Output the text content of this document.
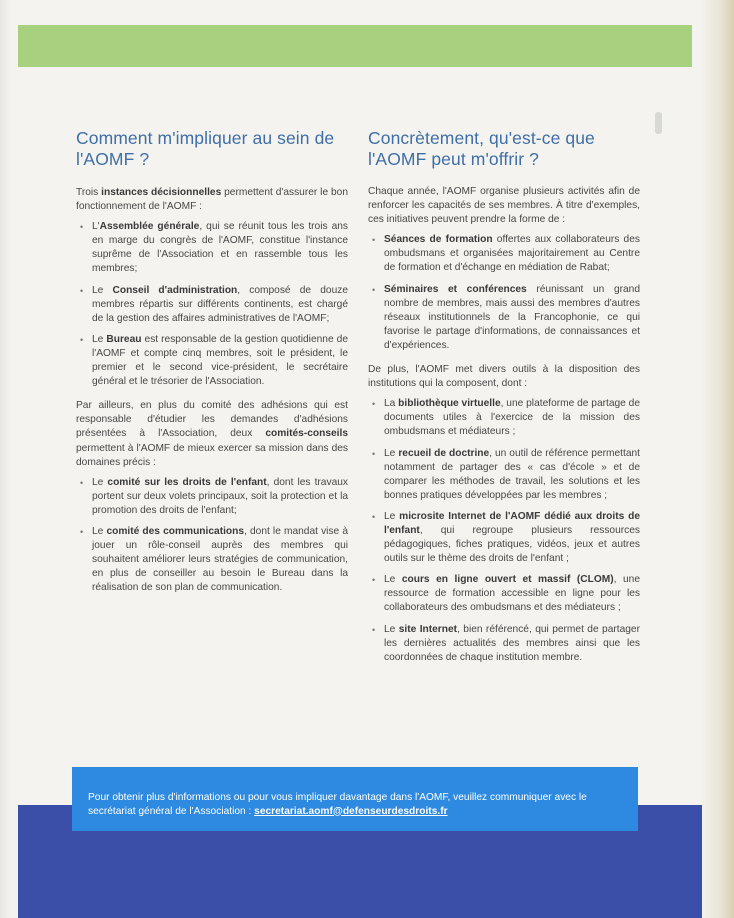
Comment m'impliquer au sein de l'AOMF ?

Trois instances décisionnelles permettent d'assurer le bon fonctionnement de l'AOMF :

• L'Assemblée générale, qui se réunit tous les trois ans en marge du congrès de l'AOMF, constitue l'instance suprême de l'Association et en rassemble tous les membres;
• Le Conseil d'administration, composé de douze membres répartis sur différents continents, est chargé de la gestion des affaires administratives de l'AOMF;
• Le Bureau est responsable de la gestion quotidienne de l'AOMF et compte cinq membres, soit le président, le premier et le second vice-président, le secrétaire général et le trésorier de l'Association.

Par ailleurs, en plus du comité des adhésions qui est responsable d'étudier les demandes d'adhésions présentées à l'Association, deux comités-conseils permettent à l'AOMF de mieux exercer sa mission dans des domaines précis :

• Le comité sur les droits de l'enfant, dont les travaux portent sur deux volets principaux, soit la protection et la promotion des droits de l'enfant;
• Le comité des communications, dont le mandat vise à jouer un rôle-conseil auprès des membres qui souhaitent améliorer leurs stratégies de communication, en plus de conseiller au besoin le Bureau dans la réalisation de son plan de communication.
Concrètement, qu'est-ce que l'AOMF peut m'offrir ?

Chaque année, l'AOMF organise plusieurs activités afin de renforcer les capacités de ses membres. À titre d'exemples, ces initiatives peuvent prendre la forme de :

• Séances de formation offertes aux collaborateurs des ombudsmans et organisées majoritairement au Centre de formation et d'échange en médiation de Rabat;
• Séminaires et conférences réunissant un grand nombre de membres, mais aussi des membres d'autres réseaux institutionnels de la Francophonie, ce qui favorise le partage d'informations, de connaissances et d'expériences.

De plus, l'AOMF met divers outils à la disposition des institutions qui la composent, dont :

• La bibliothèque virtuelle, une plateforme de partage de documents utiles à l'exercice de la mission des ombudsmans et médiateurs ;
• Le recueil de doctrine, un outil de référence permettant notamment de partager des « cas d'école » et de comparer les méthodes de travail, les solutions et les bonnes pratiques développées par les membres ;
• Le microsite Internet de l'AOMF dédié aux droits de l'enfant, qui regroupe plusieurs ressources pédagogiques, fiches pratiques, vidéos, jeux et autres outils sur le thème des droits de l'enfant ;
• Le cours en ligne ouvert et massif (CLOM), une ressource de formation accessible en ligne pour les collaborateurs des ombudsmans et des médiateurs ;
• Le site Internet, bien référencé, qui permet de partager les dernières actualités des membres ainsi que les coordonnées de chaque institution membre.

Pour obtenir plus d'informations ou pour vous impliquer davantage dans l'AOMF, veuillez communiquer avec le secrétariat général de l'Association : secretariat.aomf@defenseurdesdroits.fr
